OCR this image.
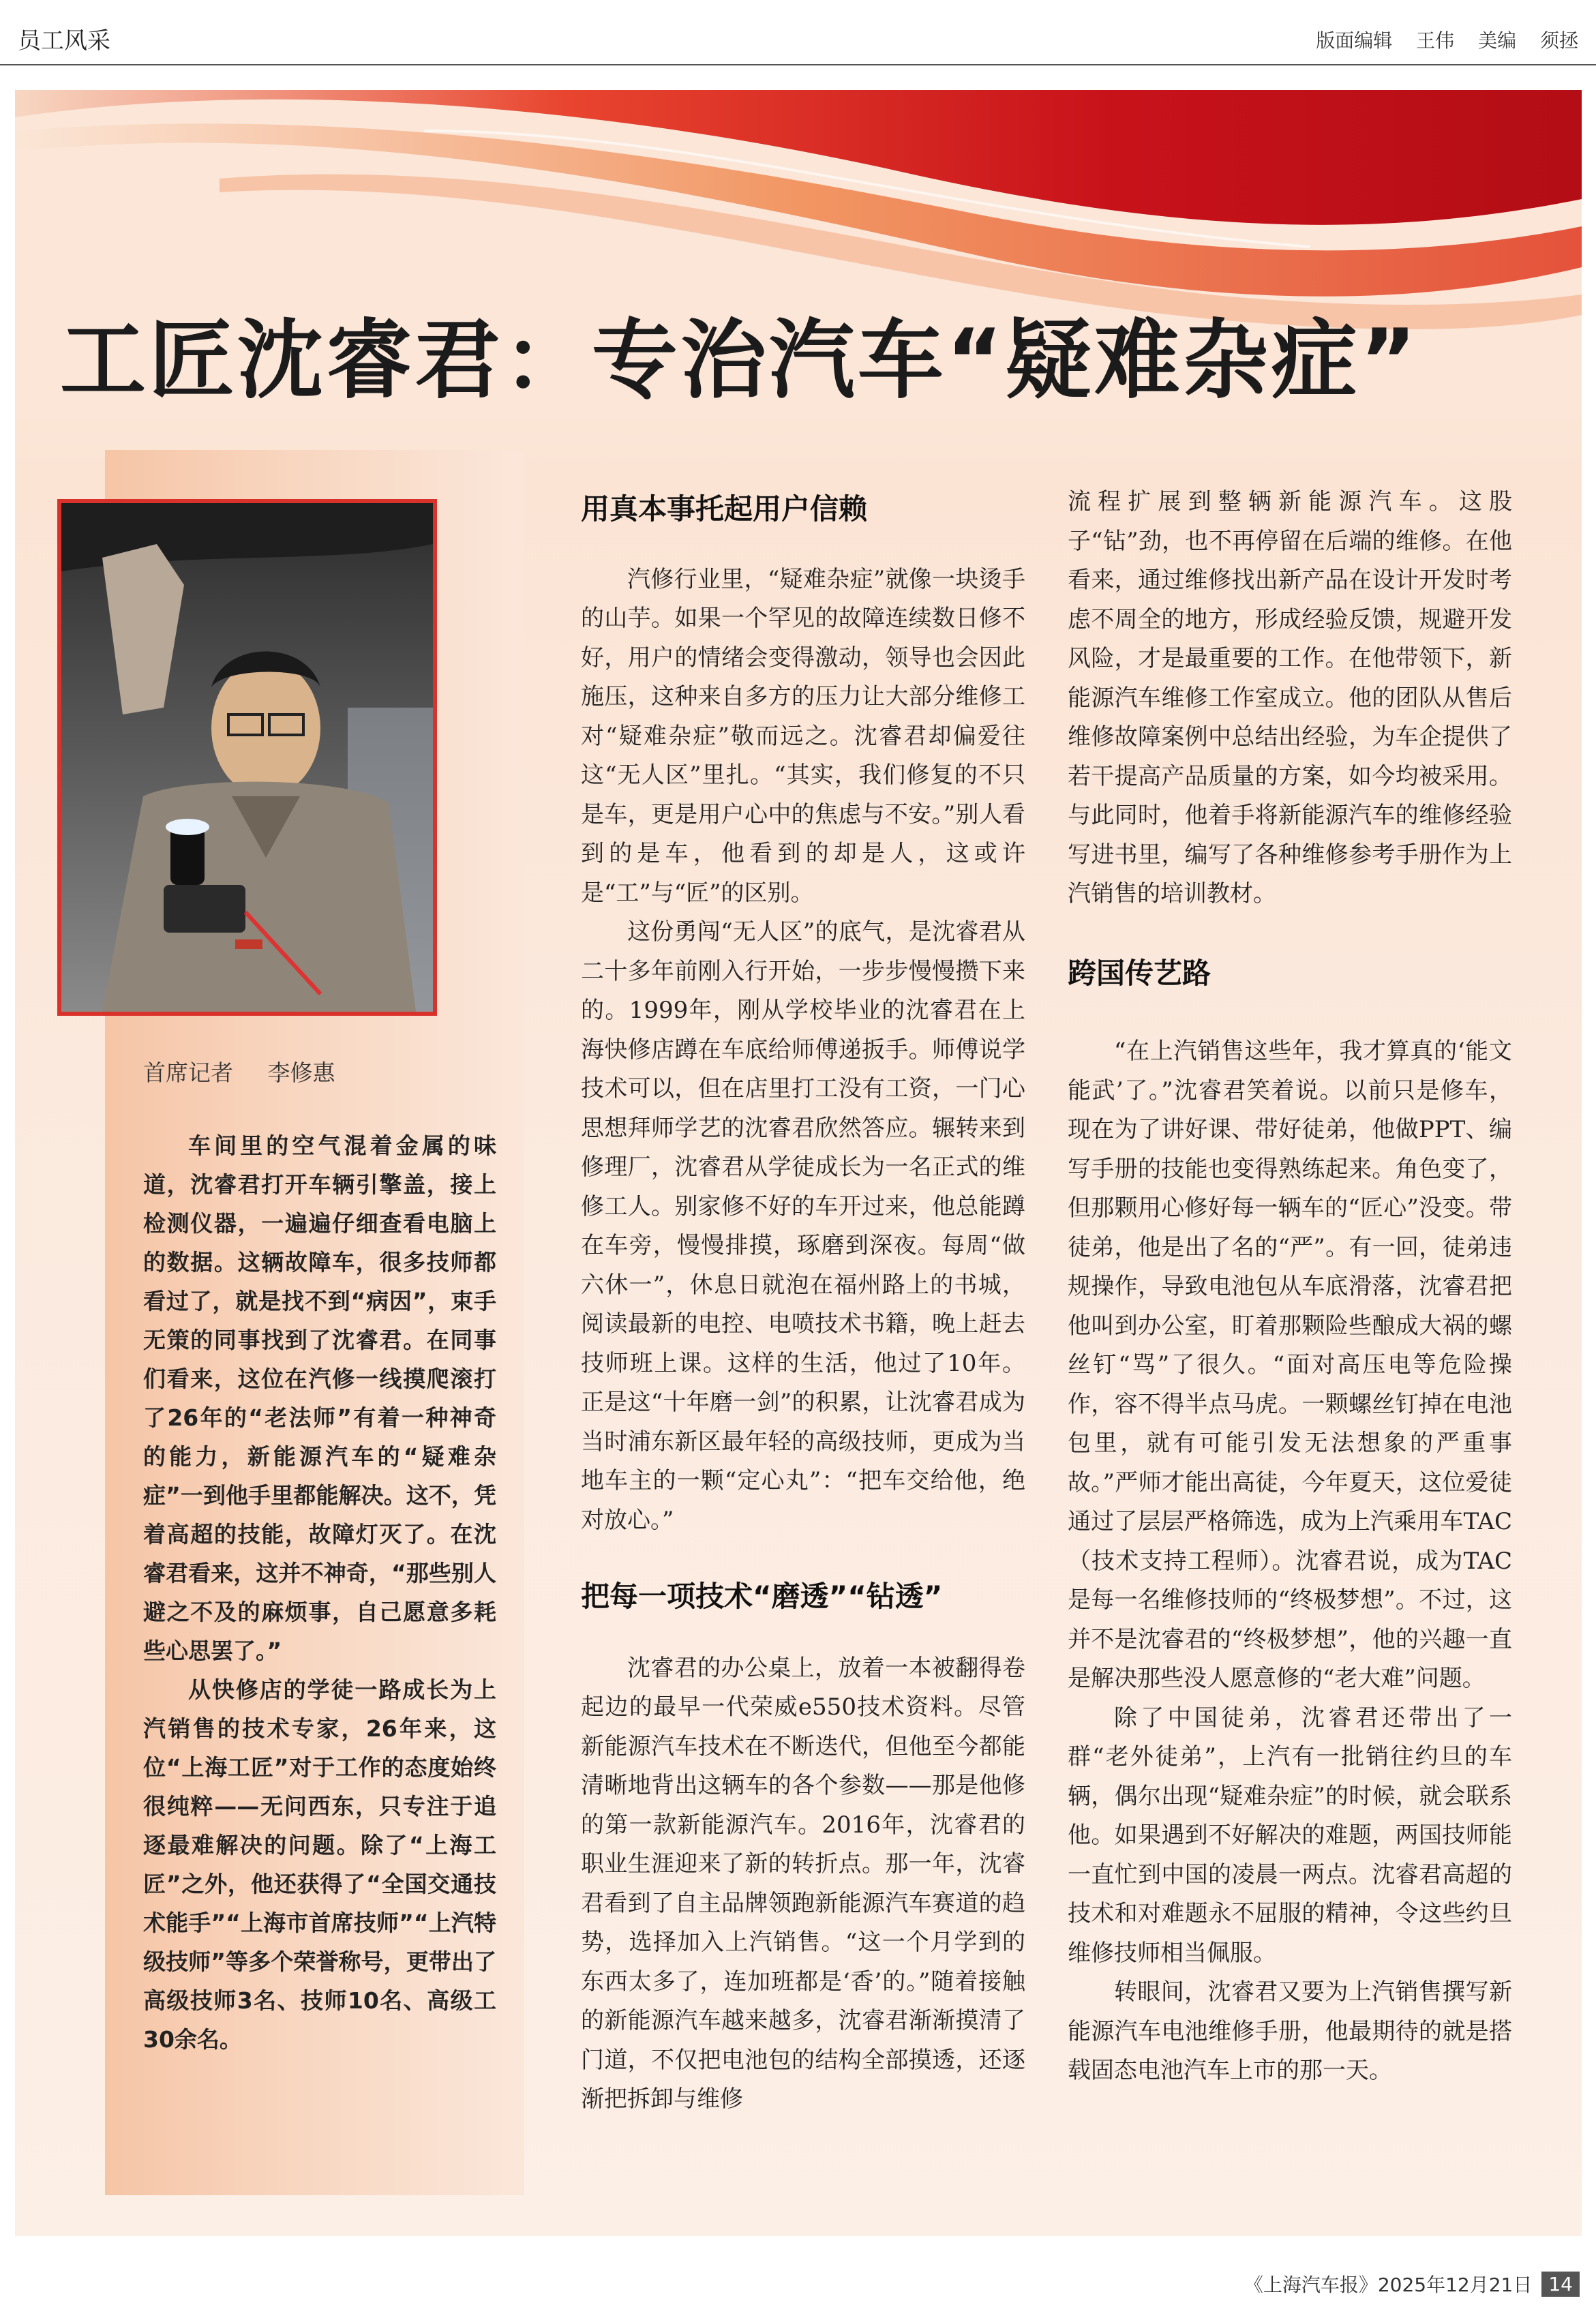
员工风采	版面编辑 王伟 美编 须拯
工匠沈睿君：专治汽车“疑难杂症”
首席记者 李修惠

车间里的空气混着金属的味道，沈睿君打开车辆引擎盖，接上检测仪器，一遍遍仔细查看电脑上的数据。这辆故障车，很多技师都看过了，就是找不到“病因”，束手无策的同事找到了沈睿君。在同事们看来，这位在汽修一线摸爬滚打了26年的“老法师”有着一种神奇的能力，新能源汽车的“疑难杂症”一到他手里都能解决。这不，凭着高超的技能，故障灯灭了。在沈睿君看来，这并不神奇，“那些别人避之不及的麻烦事，自己愿意多耗些心思罢了。”

从快修店的学徒一路成长为上汽销售的技术专家，26年来，这位“上海工匠”对于工作的态度始终很纯粹——无问西东，只专注于追逐最难解决的问题。除了“上海工匠”之外，他还获得了“全国交通技术能手”“上海市首席技师”“上汽特级技师”等多个荣誉称号，更带出了高级技师3名、技师10名、高级工30余名。

用真本事托起用户信赖

汽修行业里，“疑难杂症”就像一块烫手的山芋。如果一个罕见的故障连续数日修不好，用户的情绪会变得激动，领导也会因此施压，这种来自多方的压力让大部分维修工对“疑难杂症”敬而远之。沈睿君却偏爱往这“无人区”里扎。“其实，我们修复的不只是车，更是用户心中的焦虑与不安。”别人看到的是车，他看到的却是人，这或许是“工”与“匠”的区别。

这份勇闯“无人区”的底气，是沈睿君从二十多年前刚入行开始，一步步慢慢攒下来的。1999年，刚从学校毕业的沈睿君在上海快修店蹲在车底给师傅递扳手。师傅说学技术可以，但在店里打工没有工资，一门心思想拜师学艺的沈睿君欣然答应。辗转来到修理厂，沈睿君从学徒成长为一名正式的维修工人。别家修不好的车开过来，他总能蹲在车旁，慢慢排摸，琢磨到深夜。每周“做六休一”，休息日就泡在福州路上的书城，阅读最新的电控、电喷技术书籍，晚上赶去技师班上课。这样的生活，他过了10年。正是这“十年磨一剑”的积累，让沈睿君成为当时浦东新区最年轻的高级技师，更成为当地车主的一颗“定心丸”：“把车交给他，绝对放心。”

把每一项技术“磨透”“钻透”

沈睿君的办公桌上，放着一本被翻得卷起边的最早一代荣威e550技术资料。尽管新能源汽车技术在不断迭代，但他至今都能清晰地背出这辆车的各个参数——那是他修的第一款新能源汽车。2016年，沈睿君的职业生涯迎来了新的转折点。那一年，沈睿君看到了自主品牌领跑新能源汽车赛道的趋势，选择加入上汽销售。“这一个月学到的东西太多了，连加班都是‘香’的。”随着接触的新能源汽车越来越多，沈睿君渐渐摸清了门道，不仅把电池包的结构全部摸透，还逐渐把拆卸与维修

流程扩展到整辆新能源汽车。这股子“钻”劲，也不再停留在后端的维修。在他看来，通过维修找出新产品在设计开发时考虑不周全的地方，形成经验反馈，规避开发风险，才是最重要的工作。在他带领下，新能源汽车维修工作室成立。他的团队从售后维修故障案例中总结出经验，为车企提供了若干提高产品质量的方案，如今均被采用。与此同时，他着手将新能源汽车的维修经验写进书里，编写了各种维修参考手册作为上汽销售的培训教材。

跨国传艺路

“在上汽销售这些年，我才算真的‘能文能武’了。”沈睿君笑着说。以前只是修车，现在为了讲好课、带好徒弟，他做PPT、编写手册的技能也变得熟练起来。角色变了，但那颗用心修好每一辆车的“匠心”没变。带徒弟，他是出了名的“严”。有一回，徒弟违规操作，导致电池包从车底滑落，沈睿君把他叫到办公室，盯着那颗险些酿成大祸的螺丝钉“骂”了很久。“面对高压电等危险操作，容不得半点马虎。一颗螺丝钉掉在电池包里，就有可能引发无法想象的严重事故。”严师才能出高徒，今年夏天，这位爱徒通过了层层严格筛选，成为上汽乘用车TAC（技术支持工程师）。沈睿君说，成为TAC是每一名维修技师的“终极梦想”。不过，这并不是沈睿君的“终极梦想”，他的兴趣一直是解决那些没人愿意修的“老大难”问题。

除了中国徒弟，沈睿君还带出了一群“老外徒弟”，上汽有一批销往约旦的车辆，偶尔出现“疑难杂症”的时候，就会联系他。如果遇到不好解决的难题，两国技师能一直忙到中国的凌晨一两点。沈睿君高超的技术和对难题永不屈服的精神，令这些约旦维修技师相当佩服。

转眼间，沈睿君又要为上汽销售撰写新能源汽车电池维修手册，他最期待的就是搭载固态电池汽车上市的那一天。

《上海汽车报》2025年12月21日 14
